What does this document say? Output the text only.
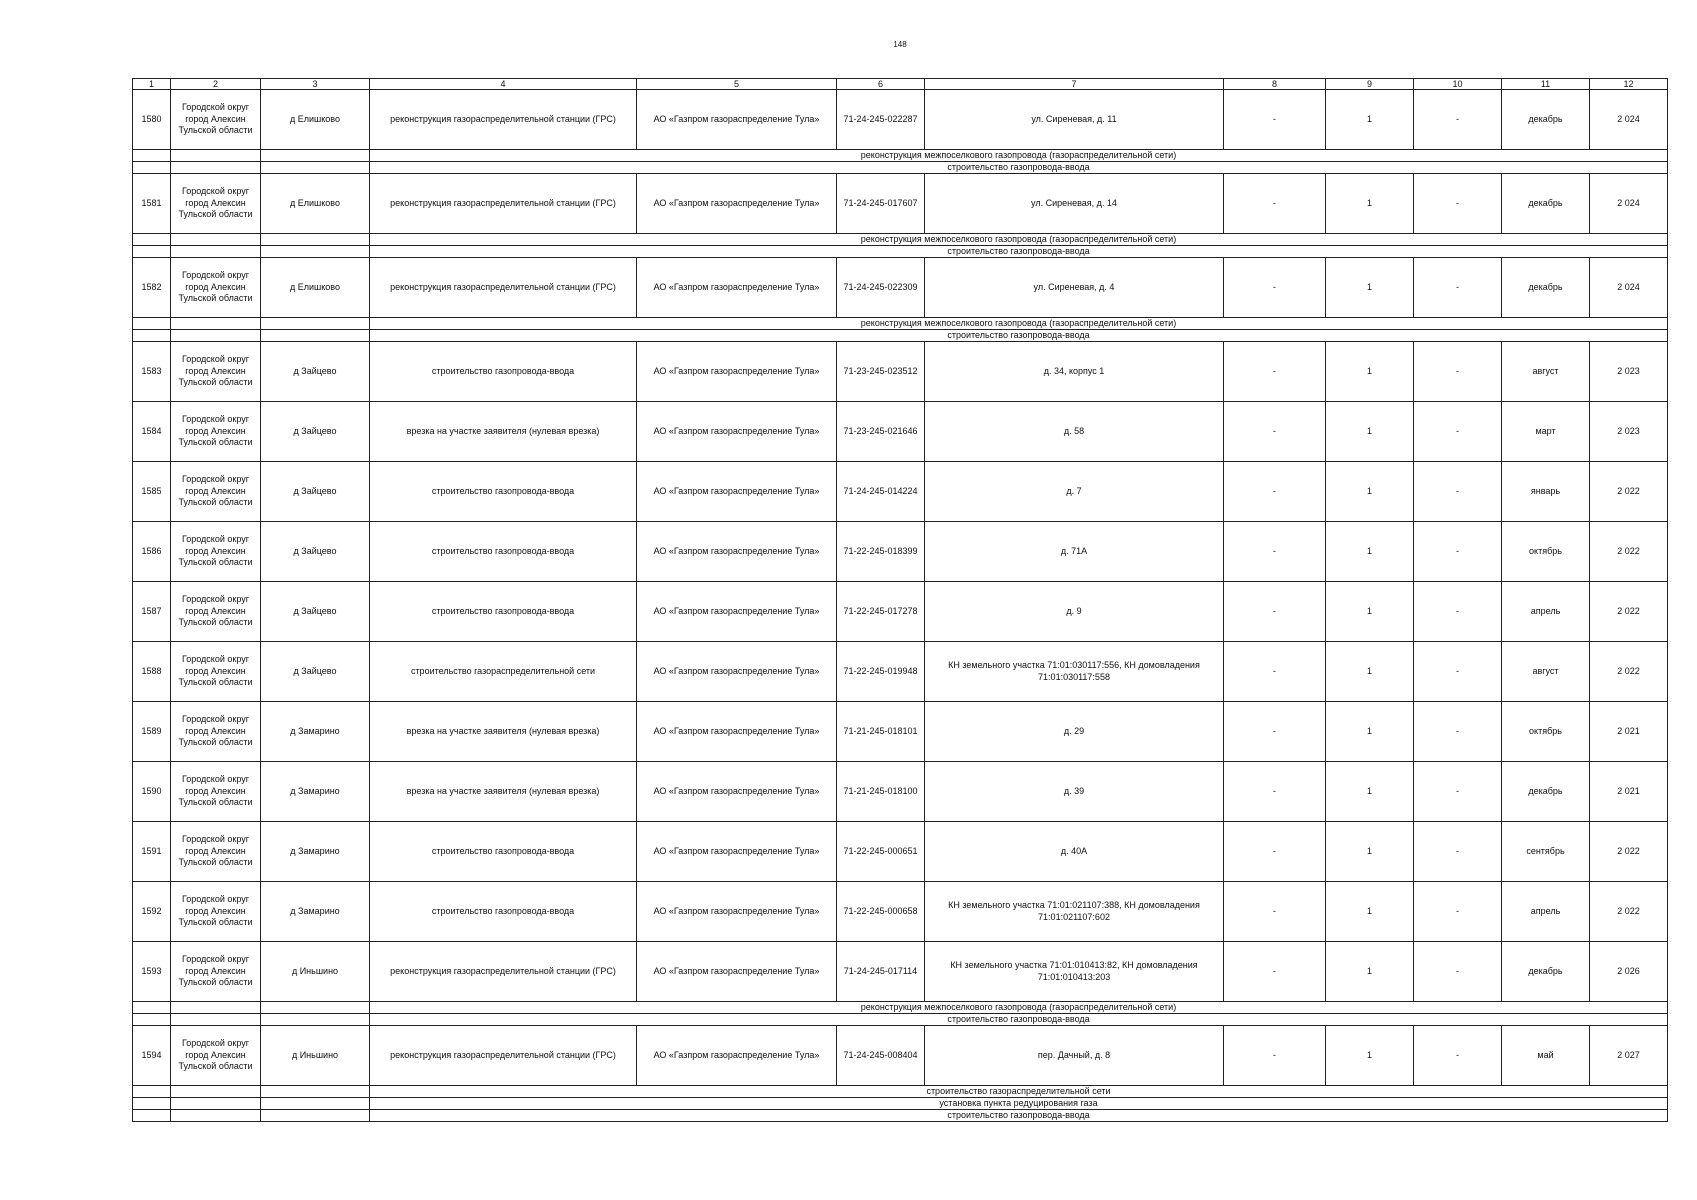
148
1	2	3	4	5	6	7	8	9	10	11	12
1580	Городской округ город Алексин Тульской области	д Елишково	реконструкция газораспределительной станции (ГРС)	АО «Газпром газораспределение Тула»	71-24-245-022287	ул. Сиреневая, д. 11	-	1	-	декабрь	2 024
			реконструкция межпоселкового газопровода (газораспределительной сети)								
			строительство газопровода-ввода								
1581	Городской округ город Алексин Тульской области	д Елишково	реконструкция газораспределительной станции (ГРС)	АО «Газпром газораспределение Тула»	71-24-245-017607	ул. Сиреневая, д. 14	-	1	-	декабрь	2 024
			реконструкция межпоселкового газопровода (газораспределительной сети)								
			строительство газопровода-ввода								
1582	Городской округ город Алексин Тульской области	д Елишково	реконструкция газораспределительной станции (ГРС)	АО «Газпром газораспределение Тула»	71-24-245-022309	ул. Сиреневая, д. 4	-	1	-	декабрь	2 024
			реконструкция межпоселкового газопровода (газораспределительной сети)								
			строительство газопровода-ввода								
1583	Городской округ город Алексин Тульской области	д Зайцево	строительство газопровода-ввода	АО «Газпром газораспределение Тула»	71-23-245-023512	д. 34, корпус 1	-	1	-	август	2 023
1584	Городской округ город Алексин Тульской области	д Зайцево	врезка на участке заявителя (нулевая врезка)	АО «Газпром газораспределение Тула»	71-23-245-021646	д. 58	-	1	-	март	2 023
1585	Городской округ город Алексин Тульской области	д Зайцево	строительство газопровода-ввода	АО «Газпром газораспределение Тула»	71-24-245-014224	д. 7	-	1	-	январь	2 022
1586	Городской округ город Алексин Тульской области	д Зайцево	строительство газопровода-ввода	АО «Газпром газораспределение Тула»	71-22-245-018399	д. 71А	-	1	-	октябрь	2 022
1587	Городской округ город Алексин Тульской области	д Зайцево	строительство газопровода-ввода	АО «Газпром газораспределение Тула»	71-22-245-017278	д. 9	-	1	-	апрель	2 022
1588	Городской округ город Алексин Тульской области	д Зайцево	строительство газораспределительной сети	АО «Газпром газораспределение Тула»	71-22-245-019948	КН земельного участка 71:01:030117:556, КН домовладения 71:01:030117:558	-	1	-	август	2 022
1589	Городской округ город Алексин Тульской области	д Замарино	врезка на участке заявителя (нулевая врезка)	АО «Газпром газораспределение Тула»	71-21-245-018101	д. 29	-	1	-	октябрь	2 021
1590	Городской округ город Алексин Тульской области	д Замарино	врезка на участке заявителя (нулевая врезка)	АО «Газпром газораспределение Тула»	71-21-245-018100	д. 39	-	1	-	декабрь	2 021
1591	Городской округ город Алексин Тульской области	д Замарино	строительство газопровода-ввода	АО «Газпром газораспределение Тула»	71-22-245-000651	д. 40А	-	1	-	сентябрь	2 022
1592	Городской округ город Алексин Тульской области	д Замарино	строительство газопровода-ввода	АО «Газпром газораспределение Тула»	71-22-245-000658	КН земельного участка 71:01:021107:388, КН домовладения 71:01:021107:602	-	1	-	апрель	2 022
1593	Городской округ город Алексин Тульской области	д Иньшино	реконструкция газораспределительной станции (ГРС)	АО «Газпром газораспределение Тула»	71-24-245-017114	КН земельного участка 71:01:010413:82, КН домовладения 71:01:010413:203	-	1	-	декабрь	2 026
			реконструкция межпоселкового газопровода (газораспределительной сети)								
			строительство газопровода-ввода								
1594	Городской округ город Алексин Тульской области	д Иньшино	реконструкция газораспределительной станции (ГРС)	АО «Газпром газораспределение Тула»	71-24-245-008404	пер. Дачный, д. 8	-	1	-	май	2 027
			строительство газораспределительной сети								
			установка пункта редуцирования газа								
			строительство газопровода-ввода								
